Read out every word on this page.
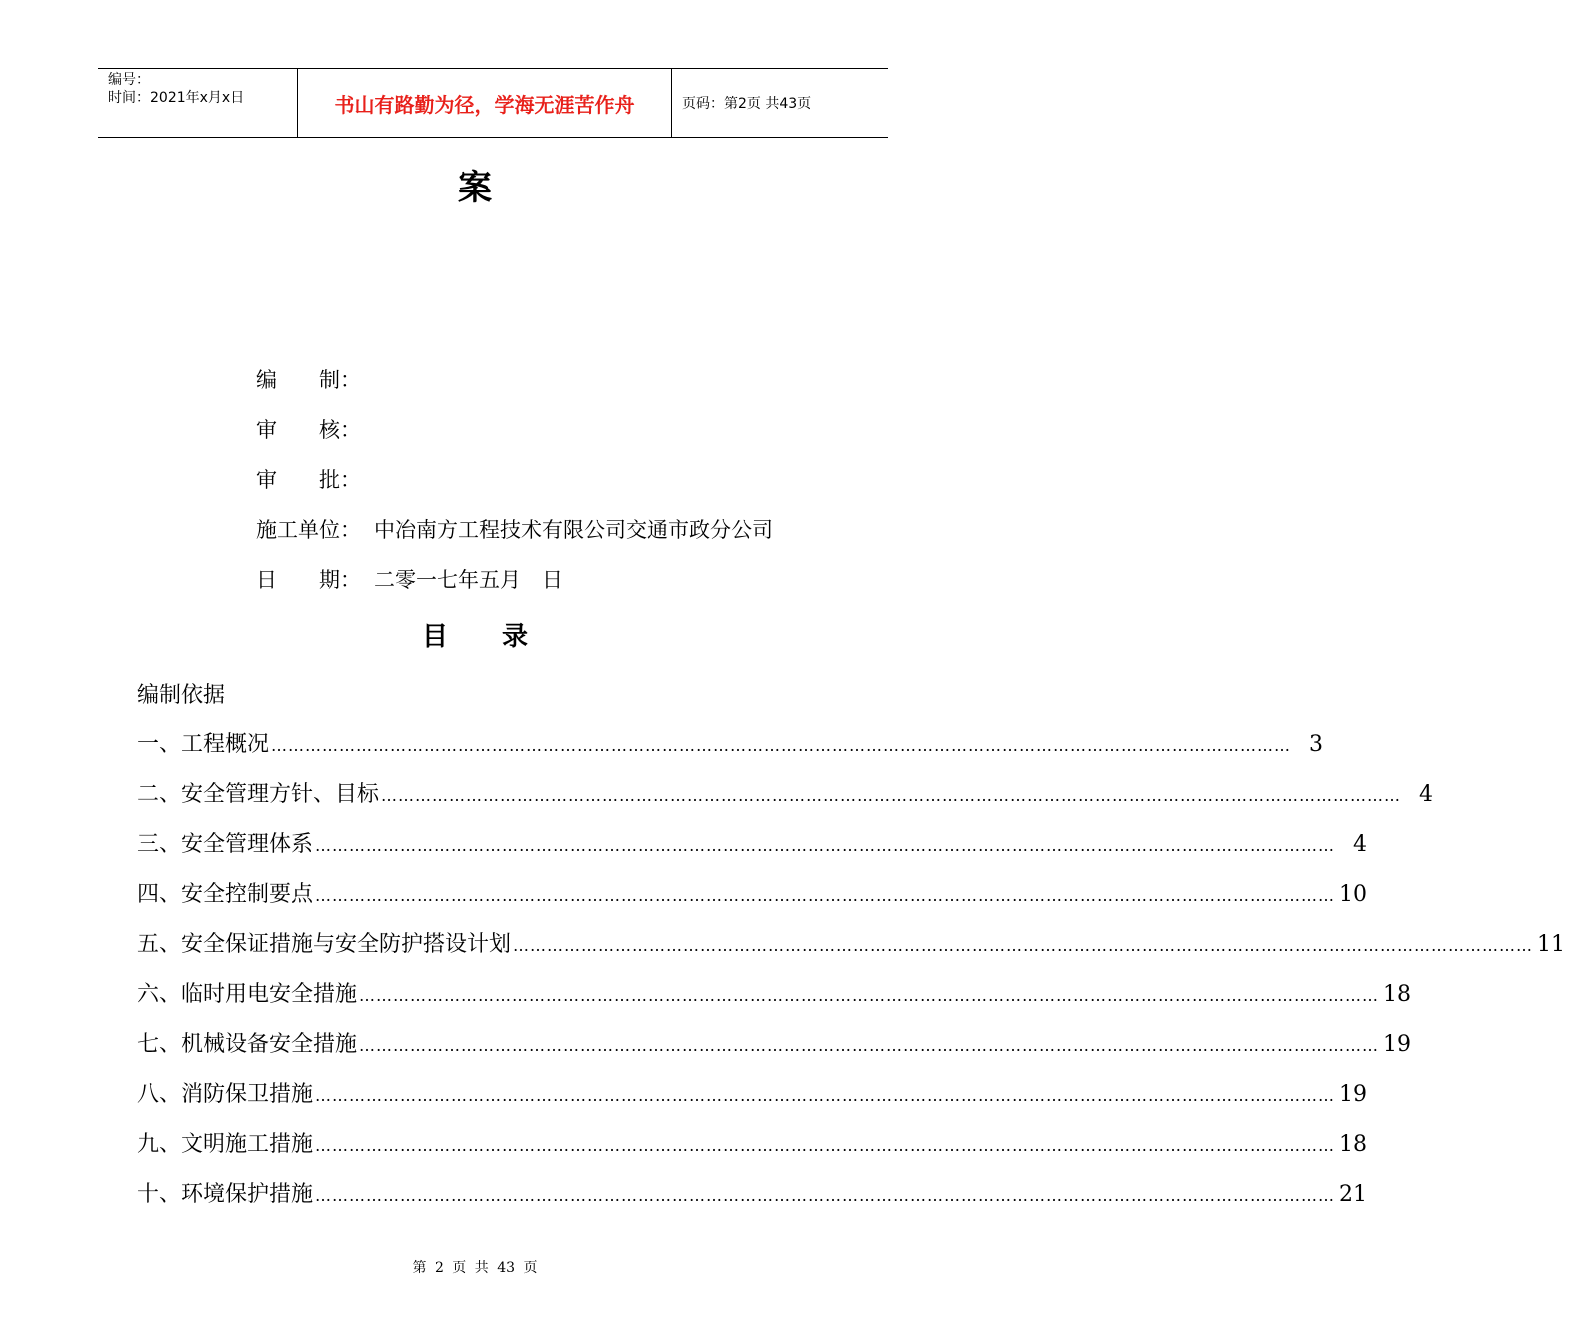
编号：
时间：2021年x月x日	书山有路勤为径，学海无涯苦作舟	页码：第2页 共43页
案
编　　制：
审　　核：
审　　批：
施工单位： 中冶南方工程技术有限公司交通市政分公司
日　　期： 二零一七年五月　日
目录
编制依据
一、工程概况 ……………………………………………………………………………………………………………………………………………………………… 3
二、安全管理方针、目标 ……………………………………………………………………………………………………………………………………………………………… 4
三、安全管理体系 ……………………………………………………………………………………………………………………………………………………………… 4
四、安全控制要点 ……………………………………………………………………………………………………………………………………………………………… 10
五、安全保证措施与安全防护搭设计划 ……………………………………………………………………………………………………………………………………………………………… 11
六、临时用电安全措施 ……………………………………………………………………………………………………………………………………………………………… 18
七、机械设备安全措施 ……………………………………………………………………………………………………………………………………………………………… 19
八、消防保卫措施 ……………………………………………………………………………………………………………………………………………………………… 19
九、文明施工措施 ……………………………………………………………………………………………………………………………………………………………… 18
十、环境保护措施 ……………………………………………………………………………………………………………………………………………………………… 21
第 2 页 共 43 页
